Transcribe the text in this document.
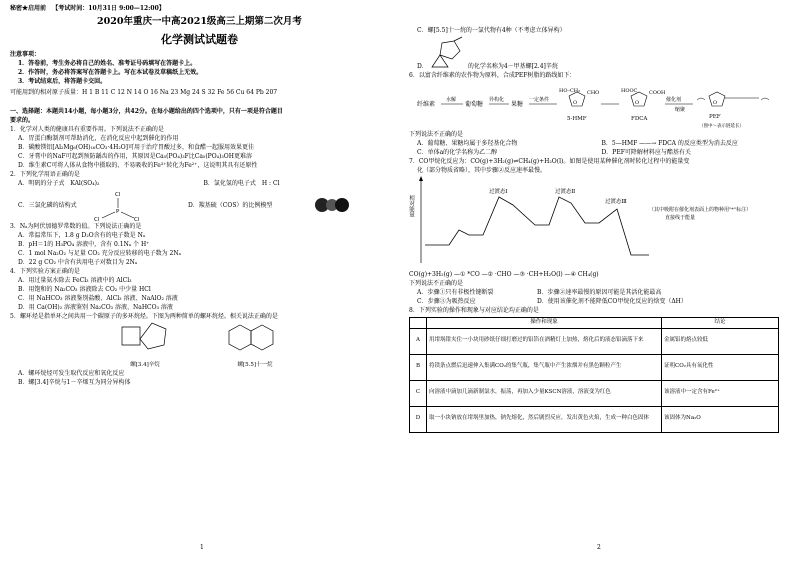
秘密★启用前 【考试时间：10月31日 9:00—12:00】
2020年重庆一中高2021级高三上期第二次月考
化学测试试题卷
注意事项：
1．答卷前，考生务必将自己的姓名、准考证号码填写在答题卡上。
2．作答时，务必将答案写在答题卡上。写在本试卷及草稿纸上无效。
3．考试结束后，将答题卡交回。
可能用到的相对原子质量：H 1 B 11 C 12 N 14 O 16 Na 23 Mg 24 S 32 Fe 56 Cu 64 Pb 207
一、选择题：本题共14小题，每小题3分，共42分。在每小题给出的四个选项中，只有一项是符合题目
要求的。
1．化学对人类的健康具有重要作用。下列说法不正确的是
A．胃蛋白酶制剂可帮助消化，在消化反应中起到催化的作用
B．碳酸镁铝[Al₂Mg₆(OH)₁₆CO₃·4H₂O]可用于治疗胃酸过多，和食醋一起服用效果更佳
C．牙膏中的NaF可起到预防龋齿的作用，其原因是Ca₅(PO₄)₃F比Ca₅(PO₄)₃OH更难溶
D．维生素C可将人体从食物中摄取的、不易吸收的Fe³⁺转化为Fe²⁺，这说明其具有还原性
2．下列化学用语正确的是
A．明矾的分子式　KAl(SO₄)₂	B．氯化氢的电子式　H : Cl
C．三氯化磷的结构式
Cl
P
Cl	Cl
D．羰基硫（COS）的比例模型
3．Nₐ为阿伏加德罗常数的值。下列说法正确的是
A．常温常压下，1.8 g D₂O含有的电子数是 Nₐ
B．pH＝1的 H₃PO₄ 溶液中，含有 0.1Nₐ 个 H⁺
C．1 mol Na₂O₂ 与足量 CO₂ 充分反应转移的电子数为 2Nₐ
D．22 g CO₂ 中含有共用电子对数目为 2Nₐ
4．下列实验方案正确的是
A．用过量氨水除去 FeCl₃ 溶液中的 AlCl₃
B．用饱和的 Na₂CO₃ 溶液除去 CO₂ 中少量 HCl
C．用 NaHCO₃ 溶液鉴别盐酸、AlCl₃ 溶液、NaAlO₂ 溶液
D．用 Ca(OH)₂ 溶液鉴别 Na₂CO₃ 溶液、NaHCO₃ 溶液
5．螺环烃是指单环之间共用一个碳原子的多环烷烃。下图为两种简单的螺环烷烃。相关说法正确的是
螺[3.4]辛烷	螺[5.5]十一烷
A．螺环烷烃可发生取代反应和氧化反应
B．螺[3.4]辛烷与1－辛烯互为同分异构体
1
C．螺[5.5]十一烷的一氯代物有4种（不考虑立体异构）
D．	的化学名称为4－甲基螺[2.4]辛烷
6．以富含纤维素的农作物为原料，合成PEF树脂的路线如下：
纤维素
水解
葡萄糖
异构化
果糖
一定条件	O
HO–CH₂ CHO
5-HMF
O
HOOC COOH
FDCA
催化剂
缩聚
O
PEF
（图中～表示链延长）
下列说法不正确的是
A．葡萄糖、果糖均属于多羟基化合物	B．5—HMF ——→ FDCA 的反应类型为消去反应
C．单体a的化学名称为乙二醇	D．PEF可降解材料应与酯基有关
7．CO甲烷化反应为：CO(g)+3H₂(g)⇌CH₄(g)+H₂O(l)。如图是使用某种催化剂时转化过程中的能量变
化（部分物质省略），其中步骤②反应速率最慢。
相对能量
过渡态Ⅰ	过渡态Ⅱ
过渡态Ⅲ
（其中吸附在催化剂表面上的物种用"*"标注）
直接线于能量
CO(g)+3H₂(g) —① *CO —② ·CHO —③ ·CH+H₂O(l) —④ CH₄(g)
下列说法不正确的是
A．步骤①只有非极性键断裂	B．步骤②速率最慢的原因可能是其活化能最高
C．步骤③为吸热反应	D．使用该催化剂不能降低CO甲烷化反应的焓变（ΔH）
8．下列实验的操作和现象与对应结论均正确的是
	操作和现象	结论
A	用坩埚钳夹住一小块用砂纸仔细打磨过的铝箔在酒精灯上加热，熔化后的液态铝滴落下来	金属铝的熔点较低
B	将镁条点燃后迅速伸入集满CO₂的集气瓶，集气瓶中产生浓烟并有黑色颗粒产生	证明CO₂具有氧化性
C	向溶液中滴加几滴新制氯水，振荡，再加入少量KSCN溶液，溶液变为红色	该溶液中一定含有Fe²⁺
D	取一小块钠放在坩埚里加热，钠先熔化，然后剧烈反应，发出黄色火焰，生成一种白色固体	该固体为Na₂O
2
